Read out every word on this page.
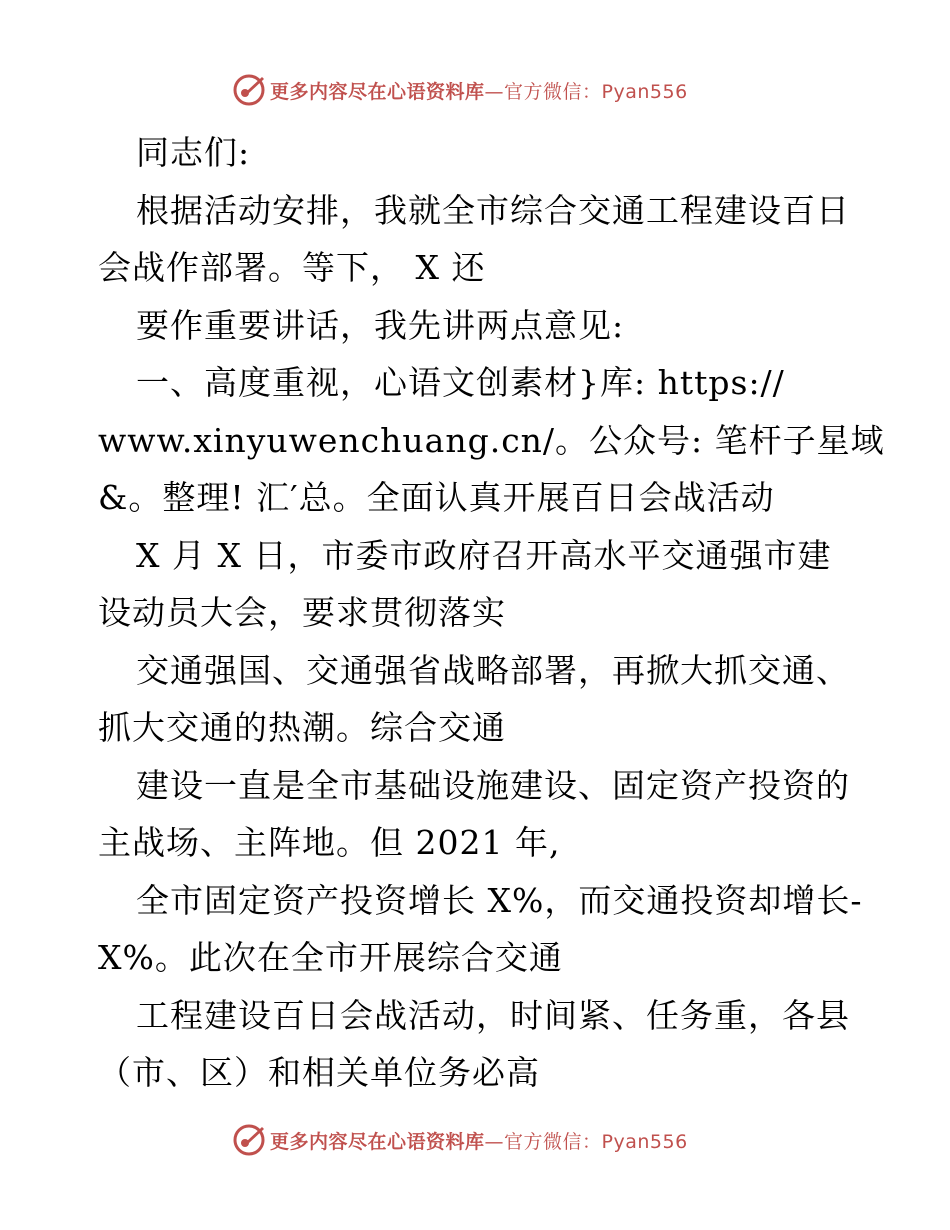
更多内容尽在心语资料库—官方微信：Pyan556
同志们:
根据活动安排，我就全市综合交通工程建设百日
会战作部署。等下， X 还
要作重要讲话，我先讲两点意见:
一、高度重视，心语文创素材}库: https://
www.xinyuwenchuang.cn/。公众号: 笔杆子星域
&。整理! 汇′总。全面认真开展百日会战活动
X 月 X 日，市委市政府召开高水平交通强市建
设动员大会，要求贯彻落实
交通强国、交通强省战略部署，再掀大抓交通、
抓大交通的热潮。综合交通
建设一直是全市基础设施建设、固定资产投资的
主战场、主阵地。但 2021 年,
全市固定资产投资增长 X%，而交通投资却增长-
X%。此次在全市开展综合交通
工程建设百日会战活动，时间紧、任务重，各县
（市、区）和相关单位务必高
更多内容尽在心语资料库—官方微信：Pyan556
